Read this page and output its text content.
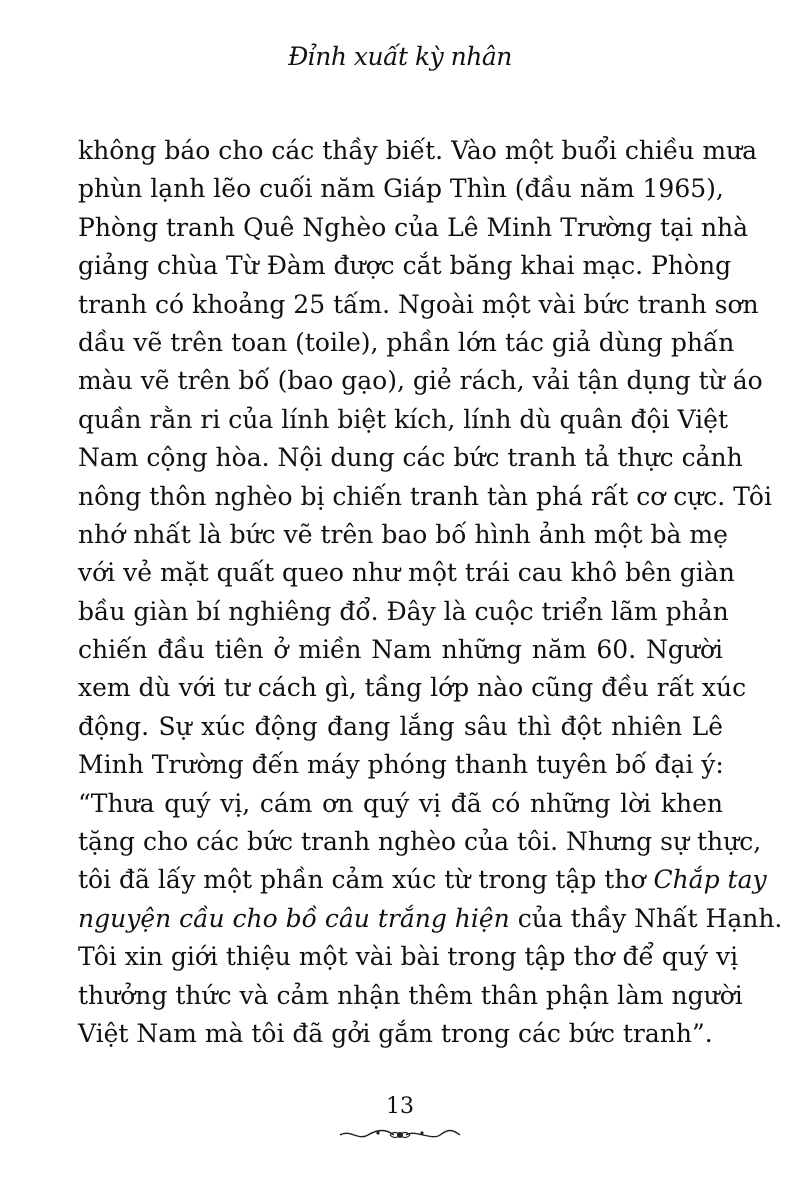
Đỉnh xuất kỳ nhân
không báo cho các thầy biết. Vào một buổi chiều mưa
phùn lạnh lẽo cuối năm Giáp Thìn (đầu năm 1965),
Phòng tranh Quê Nghèo của Lê Minh Trường tại nhà
giảng chùa Từ Đàm được cắt băng khai mạc. Phòng
tranh có khoảng 25 tấm. Ngoài một vài bức tranh sơn
dầu vẽ trên toan (toile), phần lớn tác giả dùng phấn
màu vẽ trên bố (bao gạo), giẻ rách, vải tận dụng từ áo
quần rằn ri của lính biệt kích, lính dù quân đội Việt
Nam cộng hòa. Nội dung các bức tranh tả thực cảnh
nông thôn nghèo bị chiến tranh tàn phá rất cơ cực. Tôi
nhớ nhất là bức vẽ trên bao bố hình ảnh một bà mẹ
với vẻ mặt quất queo như một trái cau khô bên giàn
bầu giàn bí nghiêng đổ. Đây là cuộc triển lãm phản
chiến đầu tiên ở miền Nam những năm 60. Người
xem dù với tư cách gì, tầng lớp nào cũng đều rất xúc
động. Sự xúc động đang lắng sâu thì đột nhiên Lê
Minh Trường đến máy phóng thanh tuyên bố đại ý:
“Thưa quý vị, cám ơn quý vị đã có những lời khen
tặng cho các bức tranh nghèo của tôi. Nhưng sự thực,
tôi đã lấy một phần cảm xúc từ trong tập thơ Chắp tay
nguyện cầu cho bồ câu trắng hiện của thầy Nhất Hạnh.
Tôi xin giới thiệu một vài bài trong tập thơ để quý vị
thưởng thức và cảm nhận thêm thân phận làm người
Việt Nam mà tôi đã gởi gắm trong các bức tranh”.
13
